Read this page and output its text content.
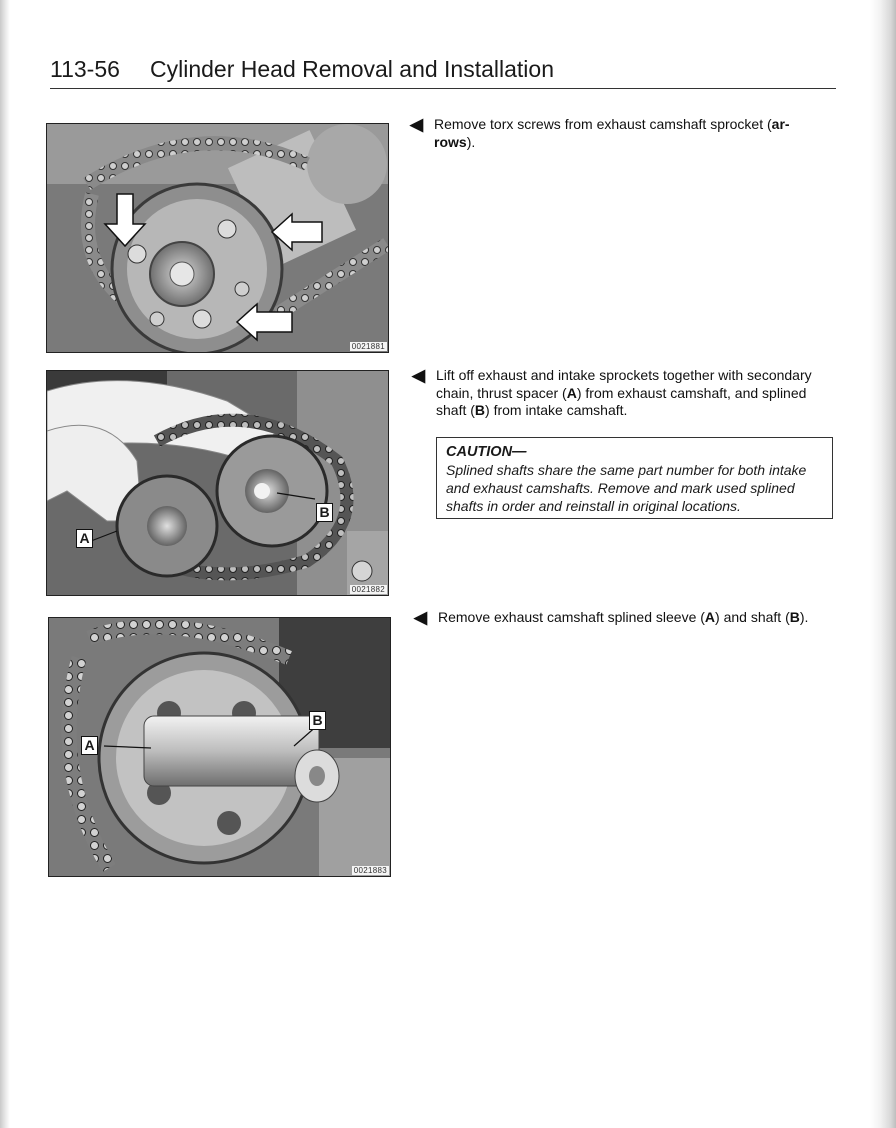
113-56 Cylinder Head Removal and Installation
0021881
A
B
0021882
A
B
0021883
◀ Remove torx screws from exhaust camshaft sprocket (ar-
rows).
◀ Lift off exhaust and intake sprockets together with secondary
chain, thrust spacer (A) from exhaust camshaft, and splined
shaft (B) from intake camshaft.
CAUTION—
Splined shafts share the same part number for both intake
and exhaust camshafts. Remove and mark used splined
shafts in order and reinstall in original locations.
◀ Remove exhaust camshaft splined sleeve (A) and shaft (B).
